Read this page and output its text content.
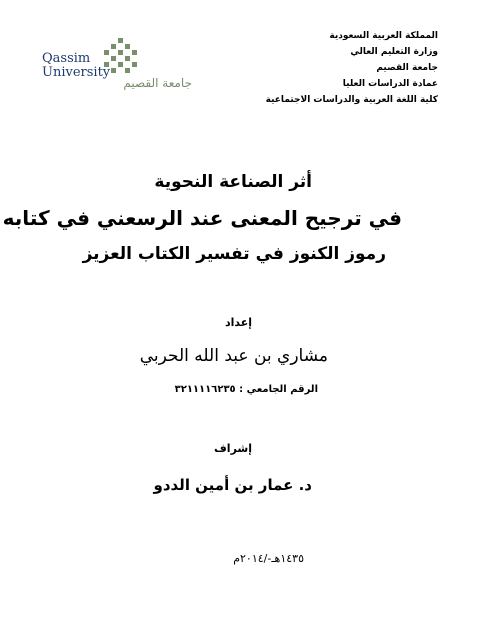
المملكة العربية السعودية
وزارة التعليم العالي
جامعة القصيم
عمادة الدراسات العليا
كلية اللغة العربية والدراسات الاجتماعية
Qassim
University
جامعة القصيم
أثر الصناعة النحوية
في ترجيح المعنى عند الرسعني في كتابه
رموز الكنوز في تفسير الكتاب العزيز
إعداد
مشاري بن عبد الله الحربي
الرقم الجامعي : ٣٢١١١١٦٢٣٥
إشراف
د. عمار بن أمين الددو
١٤٣٥هـ-/٢٠١٤م
